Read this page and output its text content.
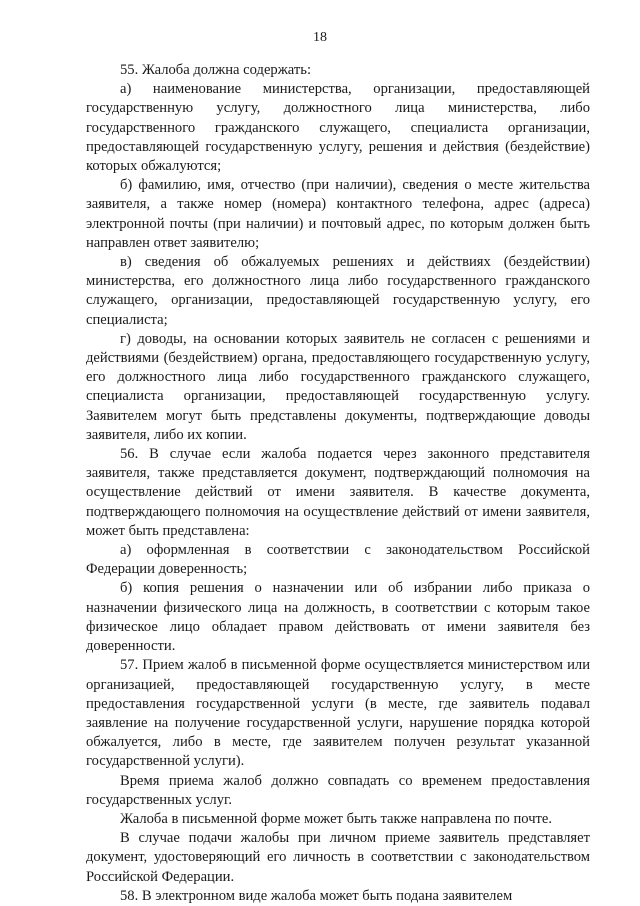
18

55. Жалоба должна содержать:

а) наименование министерства, организации, предоставляющей государственную услугу, должностного лица министерства, либо государственного гражданского служащего, специалиста организации, предоставляющей государственную услугу, решения и действия (бездействие) которых обжалуются;

б) фамилию, имя, отчество (при наличии), сведения о месте жительства заявителя, а также номер (номера) контактного телефона, адрес (адреса) электронной почты (при наличии) и почтовый адрес, по которым должен быть направлен ответ заявителю;

в) сведения об обжалуемых решениях и действиях (бездействии) министерства, его должностного лица либо государственного гражданского служащего, организации, предоставляющей государственную услугу, его специалиста;

г) доводы, на основании которых заявитель не согласен с решениями и действиями (бездействием) органа, предоставляющего государственную услугу, его должностного лица либо государственного гражданского служащего, специалиста организации, предоставляющей государственную услугу. Заявителем могут быть представлены документы, подтверждающие доводы заявителя, либо их копии.

56. В случае если жалоба подается через законного представителя заявителя, также представляется документ, подтверждающий полномочия на осуществление действий от имени заявителя. В качестве документа, подтверждающего полномочия на осуществление действий от имени заявителя, может быть представлена:

а) оформленная в соответствии с законодательством Российской Федерации доверенность;

б) копия решения о назначении или об избрании либо приказа о назначении физического лица на должность, в соответствии с которым такое физическое лицо обладает правом действовать от имени заявителя без доверенности.

57. Прием жалоб в письменной форме осуществляется министерством или организацией, предоставляющей государственную услугу, в месте предоставления государственной услуги (в месте, где заявитель подавал заявление на получение государственной услуги, нарушение порядка которой обжалуется, либо в месте, где заявителем получен результат указанной государственной услуги).

Время приема жалоб должно совпадать со временем предоставления государственных услуг.

Жалоба в письменной форме может быть также направлена по почте.

В случае подачи жалобы при личном приеме заявитель представляет документ, удостоверяющий его личность в соответствии с законодательством Российской Федерации.

58. В электронном виде жалоба может быть подана заявителем
